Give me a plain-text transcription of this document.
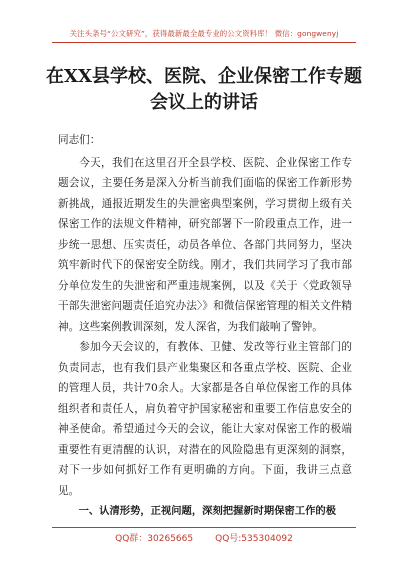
关注头条号“公文研究”，获得最新最全最专业的公文资料库！ 微信：gongwenyj
在XX县学校、医院、企业保密工作专题
会议上的讲话

同志们：

今天，我们在这里召开全县学校、医院、企业保密工作专题会议，主要任务是深入分析当前我们面临的保密工作新形势新挑战，通报近期发生的失泄密典型案例，学习贯彻上级有关保密工作的法规文件精神，研究部署下一阶段重点工作，进一步统一思想、压实责任，动员各单位、各部门共同努力，坚决筑牢新时代下的保密安全防线。刚才，我们共同学习了我市部分单位发生的失泄密和严重违规案例，以及《关于〈党政领导干部失泄密问题责任追究办法〉》和微信保密管理的相关文件精神。这些案例教训深刻，发人深省，为我们敲响了警钟。

参加今天会议的，有教体、卫健、发改等行业主管部门的负责同志，也有我们县产业集聚区和各重点学校、医院、企业的管理人员，共计70余人。大家都是各自单位保密工作的具体组织者和责任人，肩负着守护国家秘密和重要工作信息安全的神圣使命。希望通过今天的会议，能让大家对保密工作的极端重要性有更清醒的认识，对潜在的风险隐患有更深刻的洞察，对下一步如何抓好工作有更明确的方向。下面，我讲三点意见。

一、认清形势，正视问题，深刻把握新时期保密工作的极

QQ群：30265665 QQ号:535304092
